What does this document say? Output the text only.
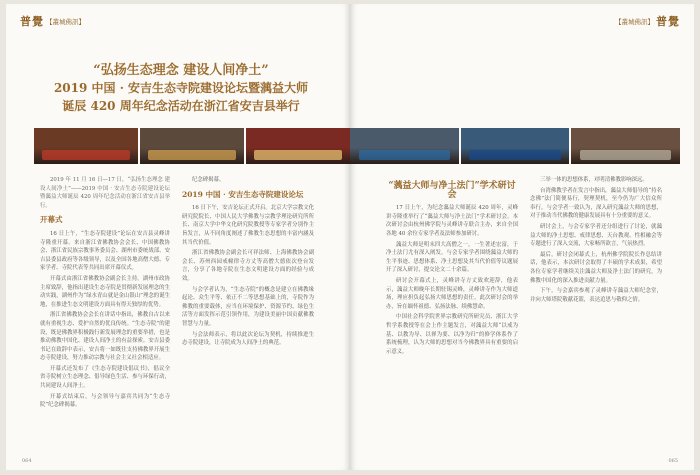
普覺 【叢城佛訊】
“弘扬生态理念 建设人间净土”
2019 中国 · 安吉生态寺院建设论坛暨蕅益大师
诞辰 420 周年纪念活动在浙江省安吉县举行

2019 年 11 月 16 日—17 日，“弘扬生态理念 建设人间净土”——2019 中国 · 安吉生态寺院建设论坛暨蕅益大师诞辰 420 周年纪念活动在浙江省安吉县举行。

开幕式

16 日上午，“生态寺院建设”论坛在安吉县灵峰讲寺隆重开幕。来自浙江省佛教协会会长、中国佛教协会、浙江省民族宗教事务委员会、湖州市委统战部、安吉县委县政府等各级领导，以及全国各地高僧大德、专家学者、寺院代表等共同出席开幕仪式。

开幕式由浙江省佛教协会副会长主持。湖州市政协主席致辞，他指出建设生态寺院是贯彻新发展理念的生动实践，湖州作为“绿水青山就是金山银山”理念的诞生地，在推进生态文明建设方面具有得天独厚的优势。

浙江省佛教协会会长在讲话中指出，佛教自古以来就有重视生态、爱护自然的优良传统。“生态寺院”的建设，既是佛教界积极践行新发展理念的重要举措，也是推动佛教中国化、建设人间净土的有益探索。安吉县委书记在致辞中表示，安吉将一如既往支持佛教界开展生态寺院建设，努力推动宗教与社会主义社会相适应。

开幕式还发布了《生态寺院建设倡议书》，倡议全省寺院树立生态理念、倡导绿色生活、参与环保行动，共同建设人间净土。

开幕式结束后，与会领导与嘉宾共同为“生态寺院”纪念碑揭幕。

纪念碑揭幕。

2019 中国 · 安吉生态寺院建设论坛

16 日下午，安吉论坛正式开启。北京大学宗教文化研究院院长、中国人民大学佛教与宗教学理论研究所所长、南京大学中华文化研究院教授等专家学者分别作主旨发言，从不同角度阐述了佛教生态思想的丰富内涵及其当代价值。

浙江省佛教协会副会长可祥法师、上海佛教协会副会长、苏州西园戒幢律寺方丈等高僧大德依次登台发言，分享了各地寺院在生态文明建设方面的经验与成效。

与会学者认为，“生态寺院”的概念是建立在佛教缘起论、众生平等、依正不二等思想基础上的，寺院作为佛教的重要载体，应当在环境保护、资源节约、绿色生活等方面发挥示范引领作用，为建设美丽中国贡献佛教智慧与力量。

与会法师表示，将以此次论坛为契机，持续推进生态寺院建设，让寺院成为人间净土的典范。

064
【叢城佛訊】 普覺
“蕅益大师与净土法门”学术研讨会

17 日上午，为纪念蕅益大师诞辰 420 周年，灵峰讲寺隆重举行了“蕅益大师与净土法门”学术研讨会。本次研讨会由杭州佛学院与灵峰讲寺联合主办，来自全国各地 40 余位专家学者及法师参加研讨。

蕅益大师是明末四大高僧之一，一生著述宏富，于净土法门尤有深入阐发。与会专家学者围绕蕅益大师的生平事迹、思想体系、净土思想及其当代价值等议题展开了深入研讨，提交论文二十余篇。

研讨会开幕式上，灵峰讲寺方丈致欢迎辞，他表示，蕅益大师晚年长期驻锡灵峰，灵峰讲寺作为大师道场，理应担负起弘扬大师思想的责任，此次研讨会的举办，旨在缅怀祖德、弘扬法脉、续佛慧命。

中国社会科学院世界宗教研究所研究员、浙江大学哲学系教授等在会上作主题发言，对蕅益大师“以戒为基、以教为导、以禅为要、以净为归”的修学体系作了系统梳理，认为大师的思想对当今佛教界具有重要的启示意义。

三举一体的思想体系，对明清佛教影响深远。

台湾佛教学者在发言中指出，蕅益大师倡导的“持名念佛”法门简便易行，契理契机，至今仍为广大信众所奉行。与会学者一致认为，深入研究蕅益大师的思想，对于推动当代佛教的健康发展具有十分重要的意义。

研讨会上，与会专家学者还分组进行了讨论，就蕅益大师的净土思想、戒律思想、天台教观、性相融会等专题进行了深入交流，大家畅所欲言，气氛热烈。

最后，研讨会闭幕式上，杭州佛学院院长作总结讲话，他表示，本次研讨会取得了丰硕的学术成果，希望各位专家学者继续关注蕅益大师及净土法门的研究，为佛教中国化的深入推进贡献力量。

下午，与会嘉宾参观了灵峰讲寺蕅益大师纪念堂，并向大师塔院敬献花篮，表达追思与敬仰之情。

065
